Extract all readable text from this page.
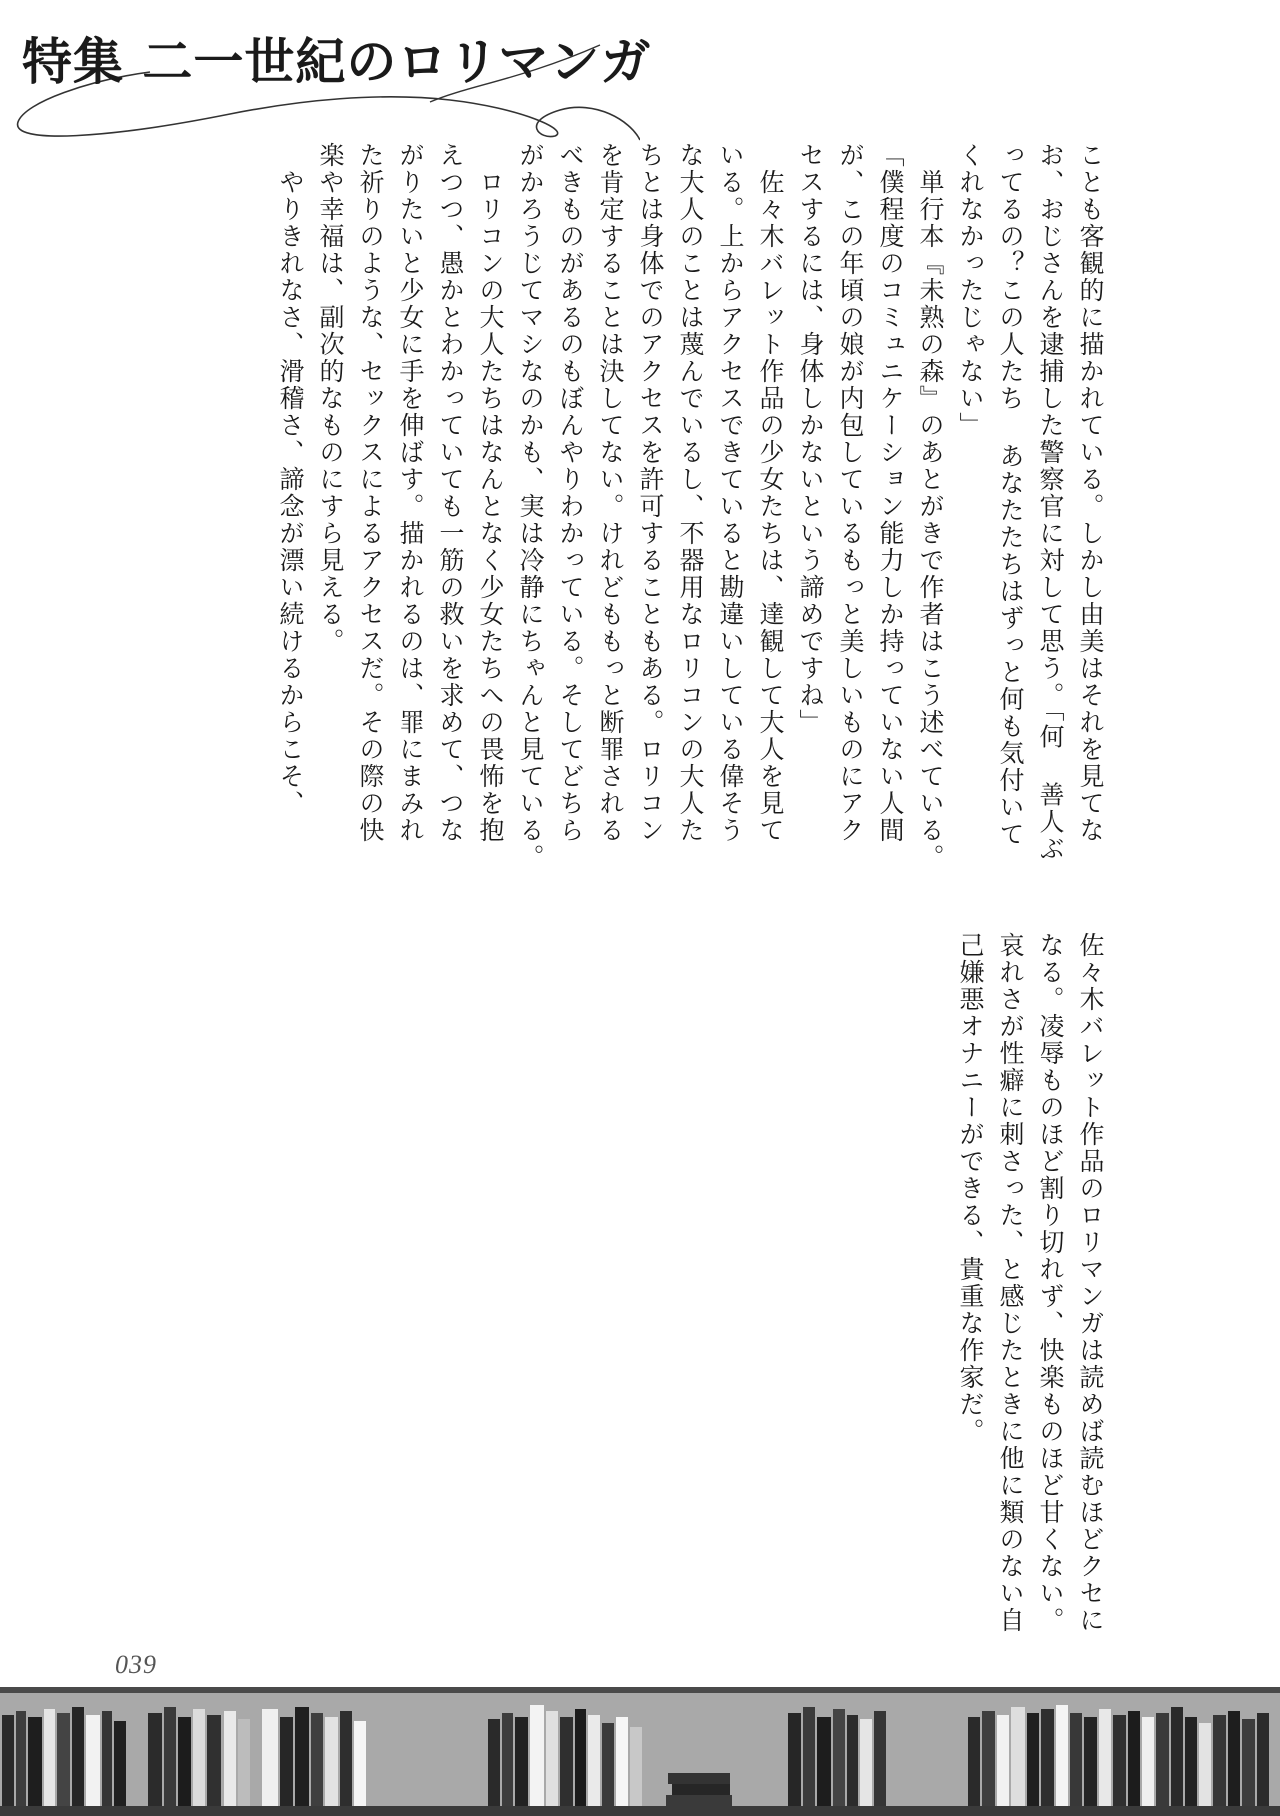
特集 二一世紀のロリマンガ

ことも客観的に描かれている。しかし由美はそれを見てな

お、おじさんを逮捕した警察官に対して思う。「何 善人ぶ

ってるの？この人たち あなたたちはずっと何も気付いて

くれなかったじゃない」

　単行本『未熟の森』のあとがきで作者はこう述べている。

「僕程度のコミュニケーション能力しか持っていない人間

が、この年頃の娘が内包しているもっと美しいものにアク

セスするには、身体しかないという諦めですね」

　佐々木バレット作品の少女たちは、達観して大人を見て

いる。上からアクセスできていると勘違いしている偉そう

な大人のことは蔑んでいるし、不器用なロリコンの大人た

ちとは身体でのアクセスを許可することもある。ロリコン

を肯定することは決してない。けれどももっと断罪される

べきものがあるのもぼんやりわかっている。そしてどちら

がかろうじてマシなのかも、実は冷静にちゃんと見ている。

　ロリコンの大人たちはなんとなく少女たちへの畏怖を抱

えつつ、愚かとわかっていても一筋の救いを求めて、つな

がりたいと少女に手を伸ばす。描かれるのは、罪にまみれ

た祈りのような、セックスによるアクセスだ。その際の快

楽や幸福は、副次的なものにすら見える。

　やりきれなさ、滑稽さ、諦念が漂い続けるからこそ、

佐々木バレット作品のロリマンガは読めば読むほどクセに

なる。凌辱ものほど割り切れず、快楽ものほど甘くない。

哀れさが性癖に刺さった、と感じたときに他に類のない自

己嫌悪オナニーができる、貴重な作家だ。

039
